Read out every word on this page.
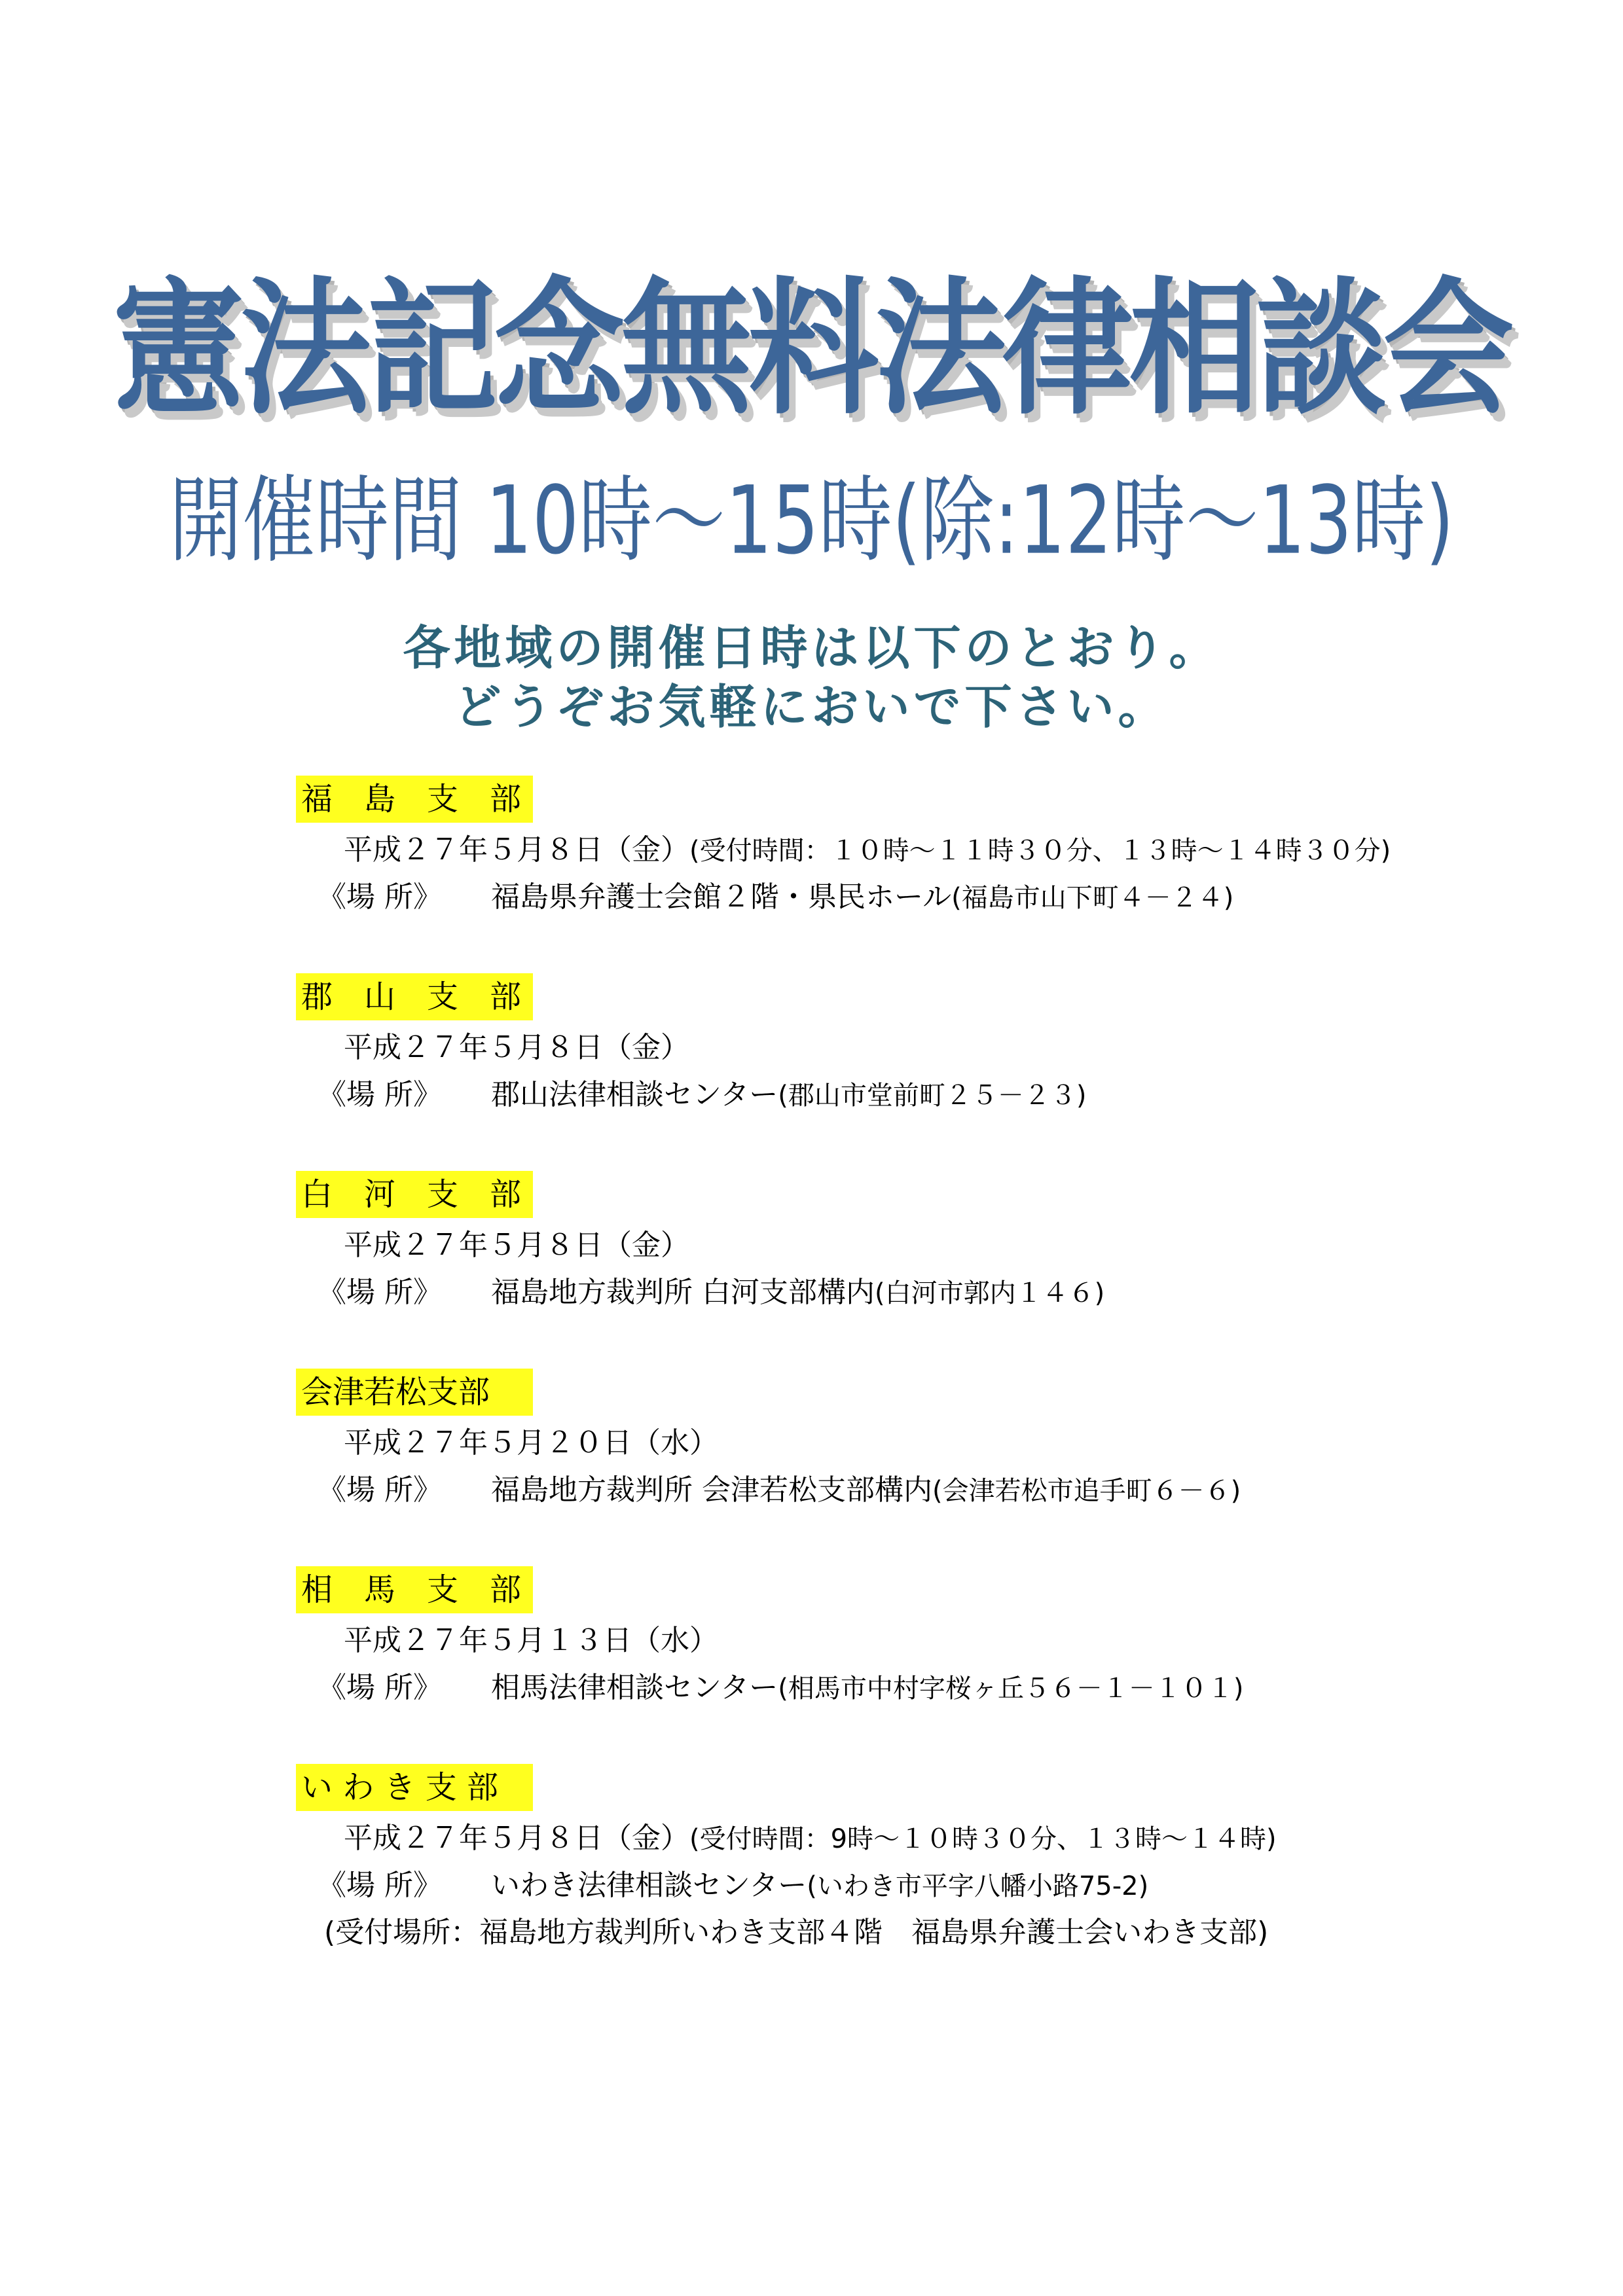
憲法記念無料法律相談会
開催時間 10時～15時(除:12時～13時)
各地域の開催日時は以下のとおり。
どうぞお気軽においで下さい。
福　島　支　部
平成２７年５月８日（金）(受付時間：１０時～１１時３０分、１３時～１４時３０分)
《場 所》 福島県弁護士会館２階・県民ホール(福島市山下町４－２４)
郡　山　支　部
平成２７年５月８日（金）
《場 所》 郡山法律相談センター(郡山市堂前町２５－２３)
白　河　支　部
平成２７年５月８日（金）
《場 所》 福島地方裁判所 白河支部構内(白河市郭内１４６)
会津若松支部
平成２７年５月２０日（水）
《場 所》 福島地方裁判所 会津若松支部構内(会津若松市追手町６－６)
相　馬　支　部
平成２７年５月１３日（水）
《場 所》 相馬法律相談センター(相馬市中村字桜ヶ丘５６－１－１０１)
い わ き 支 部
平成２７年５月８日（金）(受付時間：9時～１０時３０分、１３時～１４時)
《場 所》 いわき法律相談センター(いわき市平字八幡小路75-2)
(受付場所：福島地方裁判所いわき支部４階　福島県弁護士会いわき支部)
